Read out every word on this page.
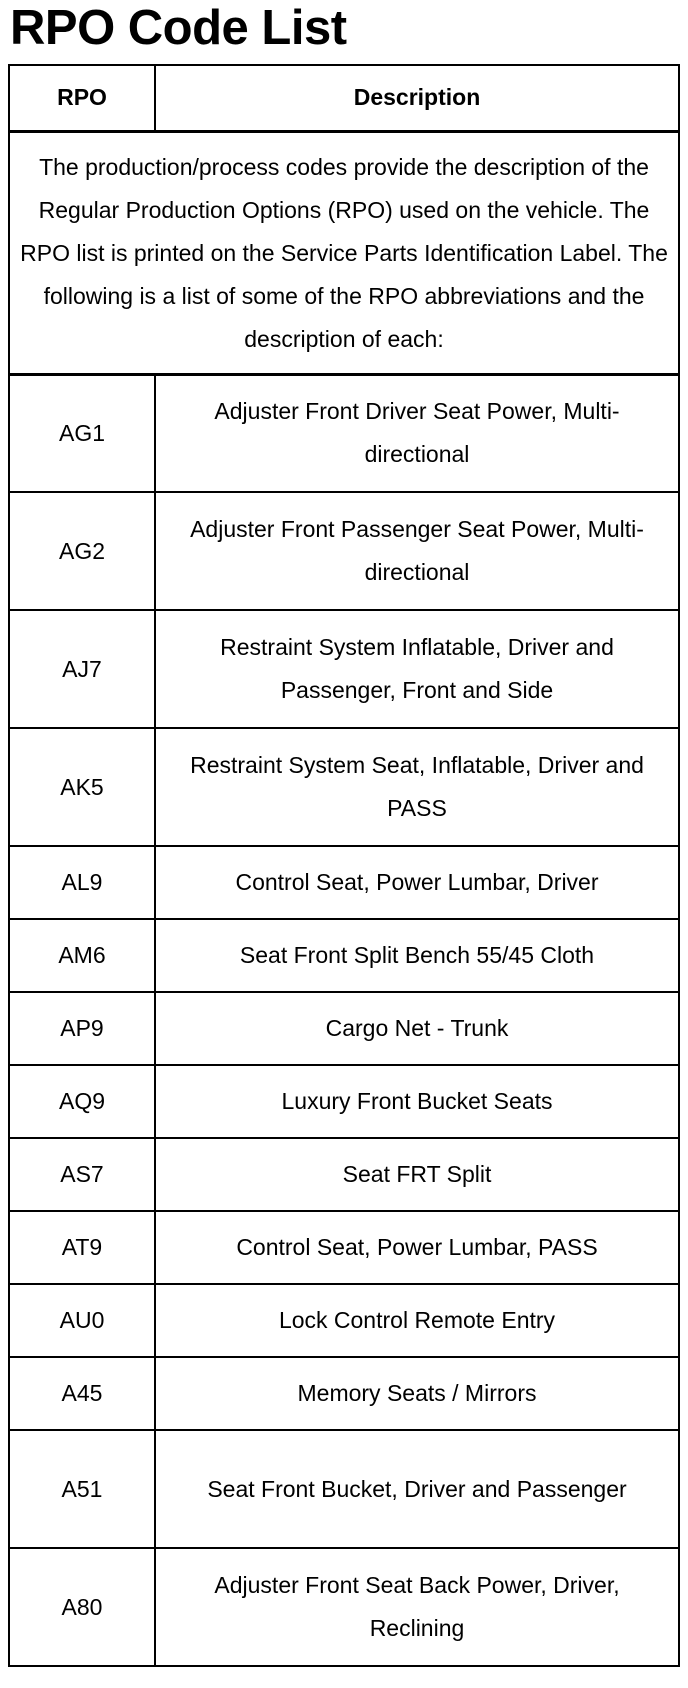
RPO Code List
RPO	Description
The production/process codes provide the description of the Regular Production Options (RPO) used on the vehicle. The RPO list is printed on the Service Parts Identification Label. The following is a list of some of the RPO abbreviations and the description of each:	
AG1	Adjuster Front Driver Seat Power, Multi-directional
AG2	Adjuster Front Passenger Seat Power, Multi-directional
AJ7	Restraint System Inflatable, Driver and Passenger, Front and Side
AK5	Restraint System Seat, Inflatable, Driver and PASS
AL9	Control Seat, Power Lumbar, Driver
AM6	Seat Front Split Bench 55/45 Cloth
AP9	Cargo Net - Trunk
AQ9	Luxury Front Bucket Seats
AS7	Seat FRT Split
AT9	Control Seat, Power Lumbar, PASS
AU0	Lock Control Remote Entry
A45	Memory Seats / Mirrors
A51	Seat Front Bucket, Driver and Passenger
A80	Adjuster Front Seat Back Power, Driver, Reclining
